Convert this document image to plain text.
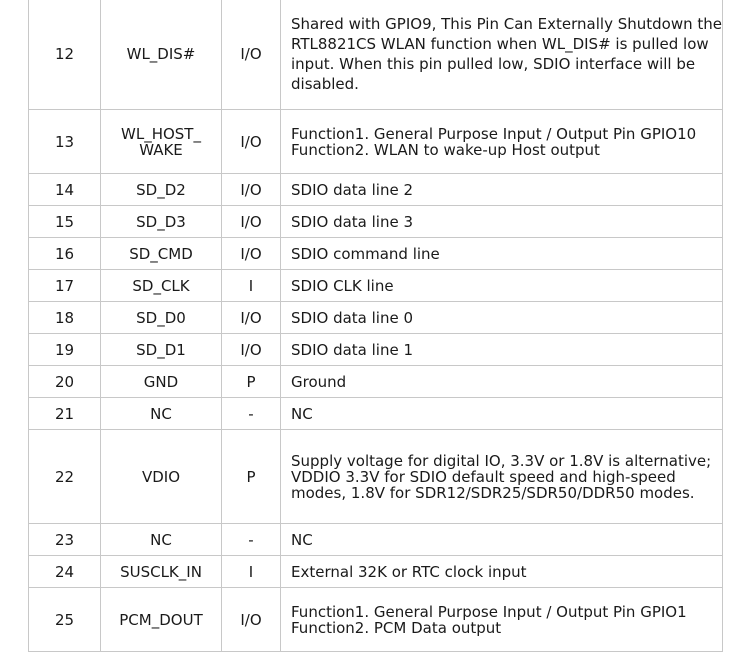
12	WL_DIS#	I/O	Shared with GPIO9, This Pin Can Externally Shutdown the
RTL8821CS WLAN function when WL_DIS# is pulled low
input. When this pin pulled low, SDIO interface will be
disabled.

13	WL_HOST_ WAKE	I/O	Function1. General Purpose Input / Output Pin GPIO10
Function2. WLAN to wake-up Host output

14	SD_D2	I/O	SDIO data line 2

15	SD_D3	I/O	SDIO data line 3

16	SD_CMD	I/O	SDIO command line

17	SD_CLK	I	SDIO CLK line

18	SD_D0	I/O	SDIO data line 0

19	SD_D1	I/O	SDIO data line 1

20	GND	P	Ground

21	NC	-	NC

22	VDIO	P	Supply voltage for digital IO, 3.3V or 1.8V is alternative;
VDDIO 3.3V for SDIO default speed and high-speed
modes, 1.8V for SDR12/SDR25/SDR50/DDR50 modes.

23	NC	-	NC

24	SUSCLK_IN	I	External 32K or RTC clock input

25	PCM_DOUT	I/O	Function1. General Purpose Input / Output Pin GPIO1
Function2. PCM Data output
